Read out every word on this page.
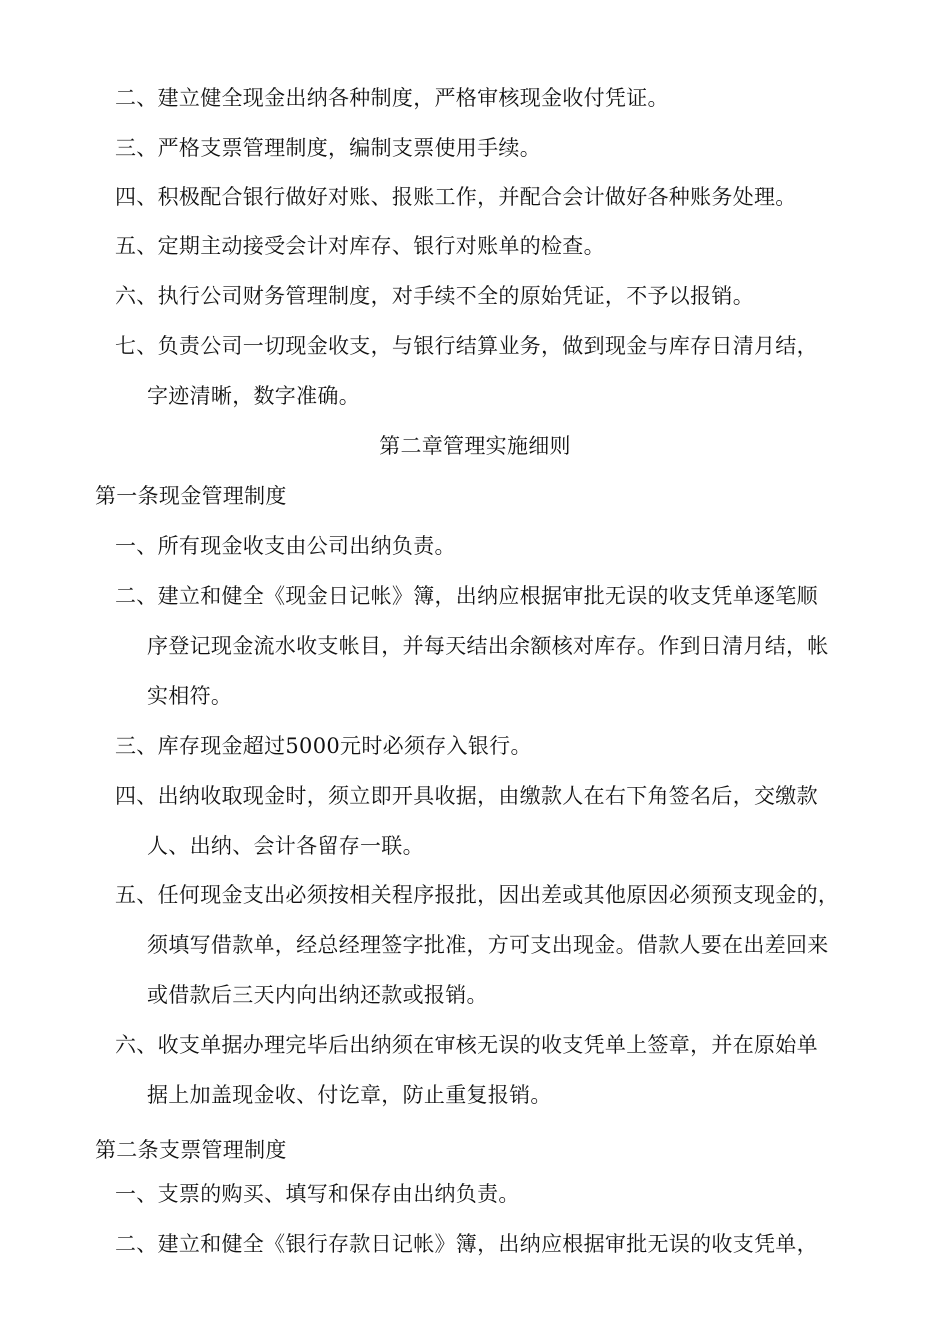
二、建立健全现金出纳各种制度，严格审核现金收付凭证。
三、严格支票管理制度，编制支票使用手续。
四、积极配合银行做好对账、报账工作，并配合会计做好各种账务处理。
五、定期主动接受会计对库存、银行对账单的检查。
六、执行公司财务管理制度，对手续不全的原始凭证，不予以报销。
七、负责公司一切现金收支，与银行结算业务，做到现金与库存日清月结，
字迹清晰，数字准确。
第二章管理实施细则
第一条现金管理制度
一、所有现金收支由公司出纳负责。
二、建立和健全《现金日记帐》簿，出纳应根据审批无误的收支凭单逐笔顺
序登记现金流水收支帐目，并每天结出余额核对库存。作到日清月结，帐
实相符。
三、库存现金超过5000元时必须存入银行。
四、出纳收取现金时，须立即开具收据，由缴款人在右下角签名后，交缴款
人、出纳、会计各留存一联。
五、任何现金支出必须按相关程序报批，因出差或其他原因必须预支现金的，
须填写借款单，经总经理签字批准，方可支出现金。借款人要在出差回来
或借款后三天内向出纳还款或报销。
六、收支单据办理完毕后出纳须在审核无误的收支凭单上签章，并在原始单
据上加盖现金收、付讫章，防止重复报销。
第二条支票管理制度
一、支票的购买、填写和保存由出纳负责。
二、建立和健全《银行存款日记帐》簿，出纳应根据审批无误的收支凭单，
